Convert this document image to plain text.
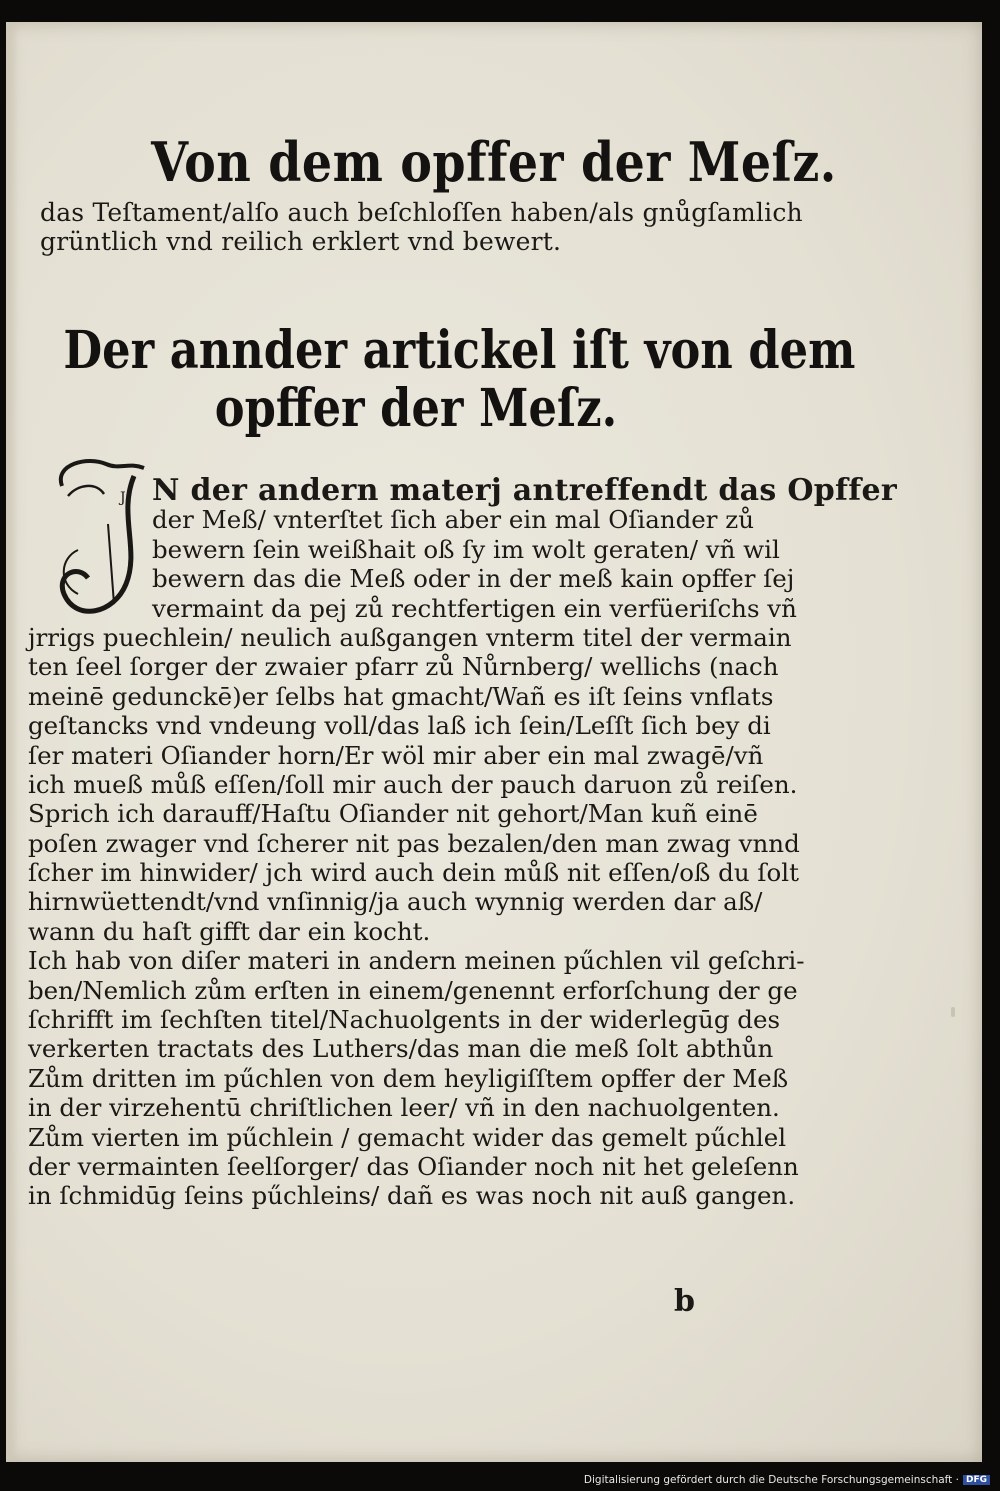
Von dem opffer der Meſz.
das Teſtament/alſo auch beſchloſſen haben/als gnůgſamlich
grüntlich vnd reilich erklert vnd bewert.
Der annder artickel iſt von dem
opffer der Meſz.
J N der andern materj antreffendt das Opffer
der Meß/ vnterſtet ſich aber ein mal Oſiander zů
bewern ſein weißhait oß ſy im wolt geraten/ vñ wil
bewern das die Meß oder in der meß kain opffer ſej
vermaint da pej zů rechtfertigen ein verfüeriſchs vñ
jrrigs puechlein/ neulich außgangen vnterm titel der vermain
ten ſeel ſorger der zwaier pfarr zů Nůrnberg/ wellichs (nach
meinē gedunckē)er ſelbs hat gmacht/Wañ es iſt ſeins vnflats
geſtancks vnd vndeung voll/das laß ich ſein/Leſſt ſich bey di
ſer materi Oſiander horn/Er wöl mir aber ein mal zwagē/vñ
ich mueß můß eſſen/ſoll mir auch der pauch daruon zů reiſen.
Sprich ich darauff/Haſtu Oſiander nit gehort/Man kuñ einē
poſen zwager vnd ſcherer nit pas bezalen/den man zwag vnnd
ſcher im hinwider/ jch wird auch dein můß nit eſſen/oß du ſolt
hirnwüettendt/vnd vnſinnig/ja auch wynnig werden dar aß/
wann du haſt gifft dar ein kocht.
Ich hab von diſer materi in andern meinen pűchlen vil geſchri-
ben/Nemlich zům erſten in einem/genennt erforſchung der ge
ſchrifft im ſechſten titel/Nachuolgents in der widerlegūg des
verkerten tractats des Luthers/das man die meß ſolt abthůn
Zům dritten im pűchlen von dem heyligiſſtem opffer der Meß
in der virzehentū chriſtlichen leer/ vñ in den nachuolgenten.
Zům vierten im pűchlein / gemacht wider das gemelt pűchlel
der vermainten ſeelſorger/ das Oſiander noch nit het geleſenn
in ſchmidūg ſeins pűchleins/ dañ es was noch nit auß gangen.
b
Digitalisierung gefördert durch die Deutsche Forschungsgemeinschaft · DFG
